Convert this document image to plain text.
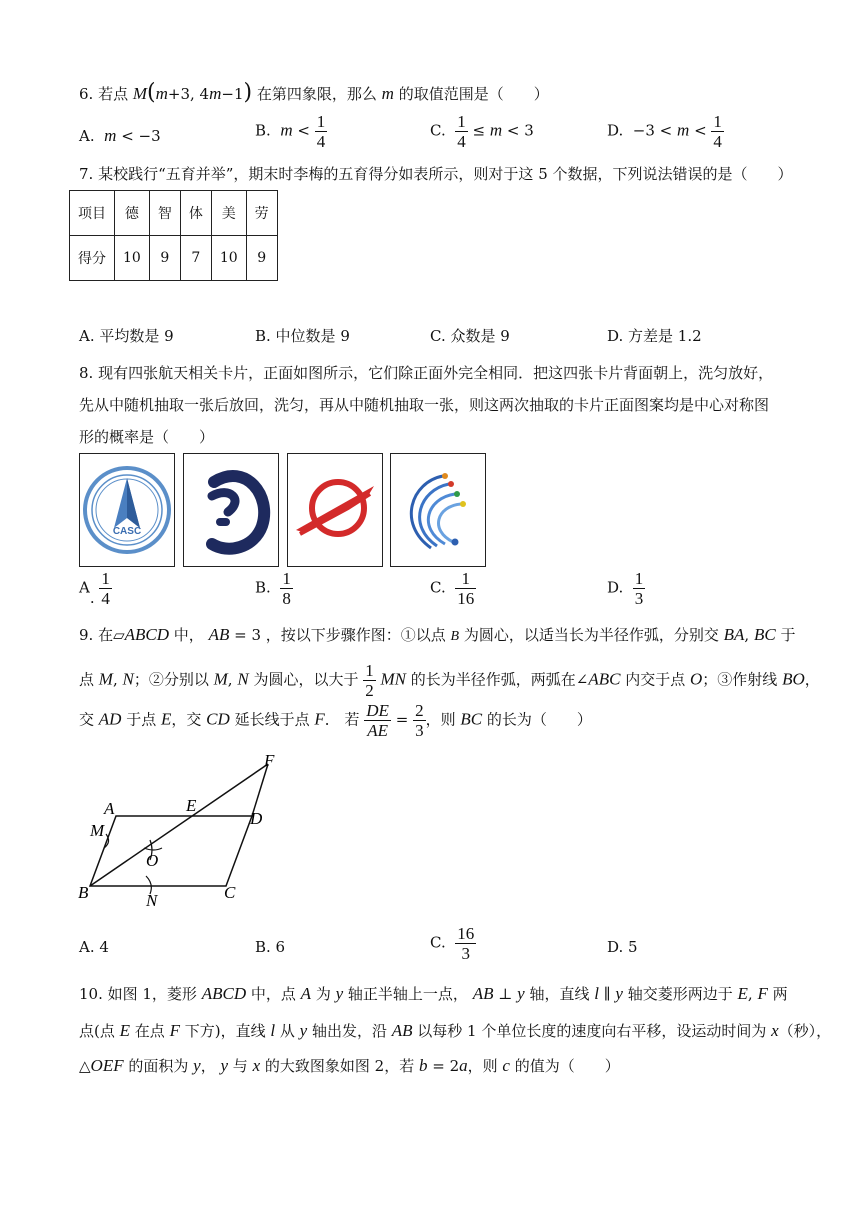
6. 若点 M(m+3, 4m−1) 在第四象限，那么 m 的取值范围是（　　）
A.  m < −3	B.  $m < \frac{1}{4}$	C. $\frac{1}{4} \le m < 3$	D.  $-3 < m < \frac{1}{4}$
7. 某校践行“五育并举”，期末时李梅的五育得分如表所示，则对于这 5 个数据，下列说法错误的是（　　）
项目	德	智	体	美	劳
得分	10	9	7	10	9
A. 平均数是 9	B. 中位数是 9	C. 众数是 9	D. 方差是 1.2
8. 现有四张航天相关卡片，正面如图所示，它们除正面外完全相同．把这四张卡片背面朝上，洗匀放好，
先从中随机抽取一张后放回，洗匀，再从中随机抽取一张，则这两次抽取的卡片正面图案均是中心对称图
形的概率是（　　）
CASC
A. $\frac{1}{4}$	B. $\frac{1}{8}$	C. $\frac{1}{16}$	D. $\frac{1}{3}$
9. 在▱ABCD 中， AB = 3 ，按以下步骤作图：①以点 B 为圆心，以适当长为半径作弧，分别交 BA, BC 于
点 M, N；②分别以 M, N 为圆心，以大于 $\frac{1}{2}$ MN 的长为半径作弧，两弧在∠ABC 内交于点 O；③作射线 BO，
交 AD 于点 E，交 CD 延长线于点 F． 若 $\frac{DE}{AE} = \frac{2}{3}$ ，则 BC 的长为（　　）
A	E
D
F
M
O
B	N	C
A. 4	B. 6	C. $\frac{16}{3}$	D. 5
10. 如图 1，菱形 ABCD 中，点 A 为 y 轴正半轴上一点， AB ⊥ y 轴，直线 l ∥ y 轴交菱形两边于 E, F 两
点(点 E 在点 F 下方)，直线 l 从 y 轴出发，沿 AB 以每秒 1 个单位长度的速度向右平移，设运动时间为 x（秒），
△OEF 的面积为 y， y 与 x 的大致图象如图 2，若 b = 2a，则 c 的值为（　　）
